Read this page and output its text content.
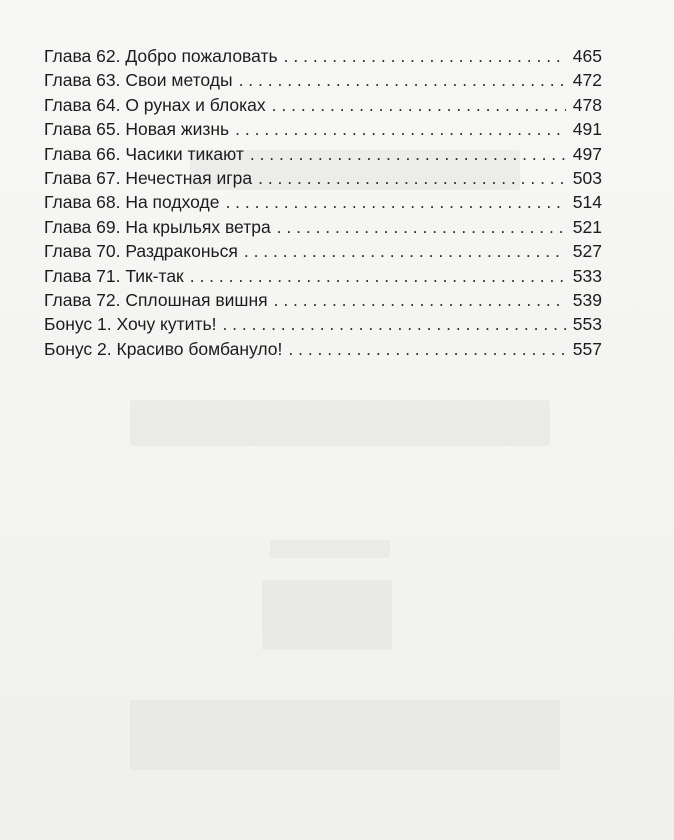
Глава 62. Добро пожаловать . . .	465
Глава 63. Свои методы . . .	472
Глава 64. О рунах и блоках . . .	478
Глава 65. Новая жизнь . . .	491
Глава 66. Часики тикают . . .	497
Глава 67. Нечестная игра . . .	503
Глава 68. На подходе . . .	514
Глава 69. На крыльях ветра . . .	521
Глава 70. Раздраконься . . .	527
Глава 71. Тик-так . . .	533
Глава 72. Сплошная вишня . . .	539
Бонус 1. Хочу кутить! . . .	553
Бонус 2. Красиво бомбануло! . . .	557
